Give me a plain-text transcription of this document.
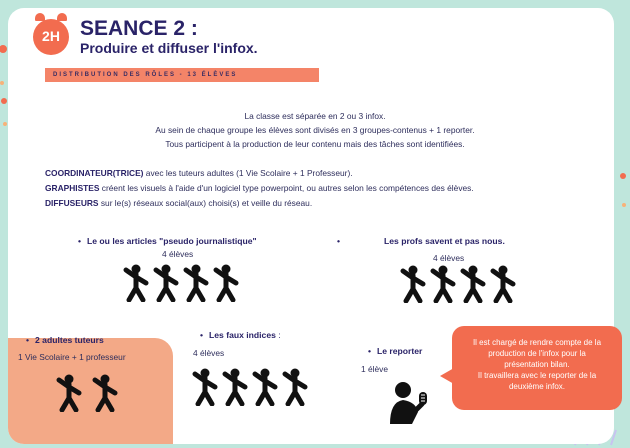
2H SEANCE 2 :
Produire et diffuser l'infox.
DISTRIBUTION DES RÔLES - 13 ÉLÈVES
La classe est séparée en 2 ou 3 infox.
Au sein de chaque groupe les élèves sont divisés en 3 groupes-contenus + 1 reporter.
Tous participent à la production de leur contenu mais des tâches sont identifiées.
COORDINATEUR(TRICE) avec les tuteurs adultes (1 Vie Scolaire + 1 Professeur).
GRAPHISTES créent les visuels à l'aide d'un logiciel type powerpoint, ou autres selon les compétences des élèves.
DIFFUSEURS sur le(s) réseaux social(aux) choisi(s) et veille du réseau.
• Le ou les articles "pseudo journalistique"
4 élèves
•	Les profs savent et pas nous.
4 élèves
• 2 adultes tuteurs
1 Vie Scolaire + 1 professeur
• Les faux indices :
4 élèves	• Le reporter
1 élève
Il est chargé de rendre compte de la
production de l'infox pour la
présentation bilan.
Il travaillera avec le reporter de la
deuxième infox.
